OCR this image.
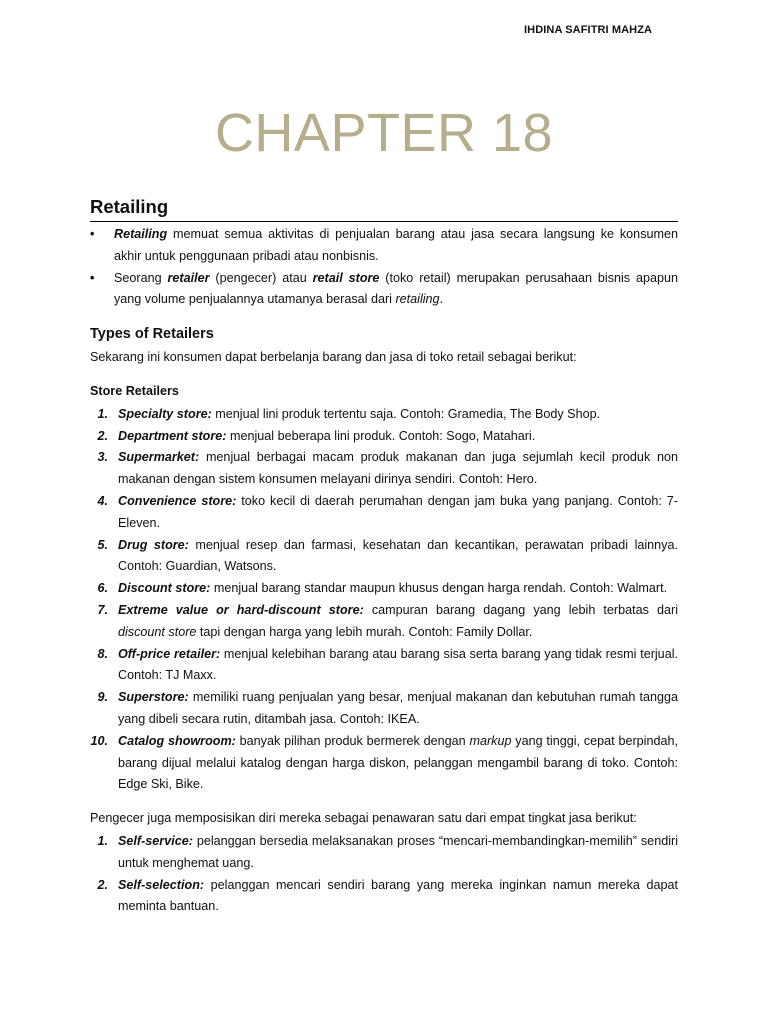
IHDINA SAFITRI MAHZA
CHAPTER 18
Retailing
• Retailing memuat semua aktivitas di penjualan barang atau jasa secara langsung ke konsumen akhir untuk penggunaan pribadi atau nonbisnis.
• Seorang retailer (pengecer) atau retail store (toko retail) merupakan perusahaan bisnis apapun yang volume penjualannya utamanya berasal dari retailing.
Types of Retailers

Sekarang ini konsumen dapat berbelanja barang dan jasa di toko retail sebagai berikut:

Store Retailers

1. Specialty store: menjual lini produk tertentu saja. Contoh: Gramedia, The Body Shop.
2. Department store: menjual beberapa lini produk. Contoh: Sogo, Matahari.
3. Supermarket: menjual berbagai macam produk makanan dan juga sejumlah kecil produk non makanan dengan sistem konsumen melayani dirinya sendiri. Contoh: Hero.
4. Convenience store: toko kecil di daerah perumahan dengan jam buka yang panjang. Contoh: 7-Eleven.
5. Drug store: menjual resep dan farmasi, kesehatan dan kecantikan, perawatan pribadi lainnya. Contoh: Guardian, Watsons.
6. Discount store: menjual barang standar maupun khusus dengan harga rendah. Contoh: Walmart.
7. Extreme value or hard-discount store: campuran barang dagang yang lebih terbatas dari discount store tapi dengan harga yang lebih murah. Contoh: Family Dollar.
8. Off-price retailer: menjual kelebihan barang atau barang sisa serta barang yang tidak resmi terjual. Contoh: TJ Maxx.
9. Superstore: memiliki ruang penjualan yang besar, menjual makanan dan kebutuhan rumah tangga yang dibeli secara rutin, ditambah jasa. Contoh: IKEA.
10. Catalog showroom: banyak pilihan produk bermerek dengan markup yang tinggi, cepat berpindah, barang dijual melalui katalog dengan harga diskon, pelanggan mengambil barang di toko. Contoh: Edge Ski, Bike.

Pengecer juga memposisikan diri mereka sebagai penawaran satu dari empat tingkat jasa berikut:

1. Self-service: pelanggan bersedia melaksanakan proses “mencari-membandingkan-memilih” sendiri untuk menghemat uang.
2. Self-selection: pelanggan mencari sendiri barang yang mereka inginkan namun mereka dapat meminta bantuan.
